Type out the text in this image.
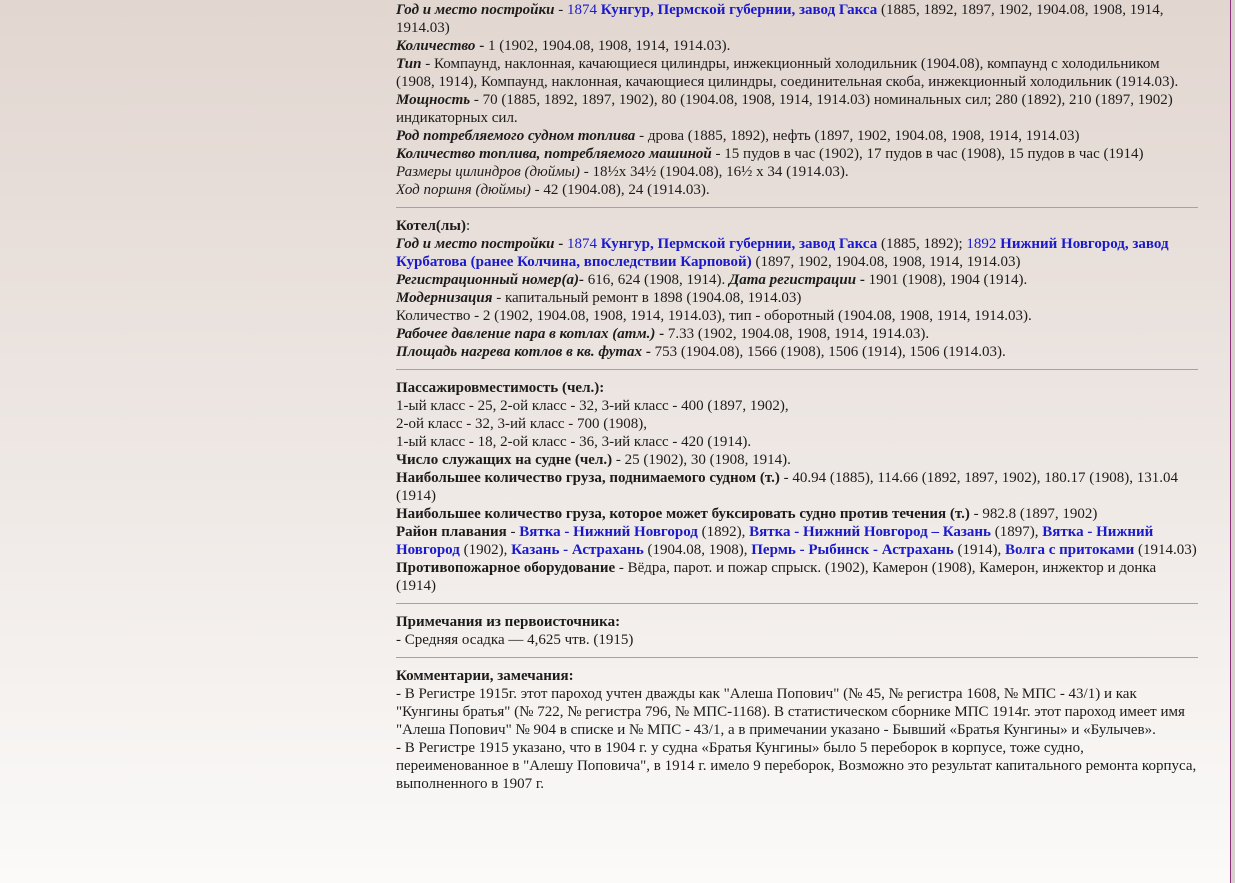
Год и место постройки - 1874 Кунгур, Пермской губернии, завод Гакса (1885, 1892, 1897, 1902, 1904.08, 1908, 1914, 1914.03)

Количество - 1 (1902, 1904.08, 1908, 1914, 1914.03).

Тип - Компаунд, наклонная, качающиеся цилиндры, инжекционный холодильник (1904.08), компаунд с холодильником (1908, 1914), Компаунд, наклонная, качающиеся цилиндры, соединительная скоба, инжекционный холодильник (1914.03).

Мощность - 70 (1885, 1892, 1897, 1902), 80 (1904.08, 1908, 1914, 1914.03) номинальных сил; 280 (1892), 210 (1897, 1902) индикаторных сил.

Род потребляемого судном топлива - дрова (1885, 1892), нефть (1897, 1902, 1904.08, 1908, 1914, 1914.03)

Количество топлива, потребляемого машиной - 15 пудов в час (1902), 17 пудов в час (1908), 15 пудов в час (1914)

Размеры цилиндров (дюймы) - 18½х 34½ (1904.08), 16½ х 34 (1914.03).

Ход поршня (дюймы) - 42 (1904.08), 24 (1914.03).

Котел(лы):

Год и место постройки - 1874 Кунгур, Пермской губернии, завод Гакса (1885, 1892); 1892 Нижний Новгород, завод Курбатова (ранее Колчина, впоследствии Карповой) (1897, 1902, 1904.08, 1908, 1914, 1914.03)

Регистрационный номер(а)- 616, 624 (1908, 1914). Дата регистрации - 1901 (1908), 1904 (1914).

Модернизация - капитальный ремонт в 1898 (1904.08, 1914.03)

Количество - 2 (1902, 1904.08, 1908, 1914, 1914.03), тип - оборотный (1904.08, 1908, 1914, 1914.03).

Рабочее давление пара в котлах (атм.) - 7.33 (1902, 1904.08, 1908, 1914, 1914.03).

Площадь нагрева котлов в кв. футах - 753 (1904.08), 1566 (1908), 1506 (1914), 1506 (1914.03).

Пассажировместимость (чел.):

1-ый класс - 25, 2-ой класс - 32, 3-ий класс - 400 (1897, 1902),

2-ой класс - 32, 3-ий класс - 700 (1908),

1-ый класс - 18, 2-ой класс - 36, 3-ий класс - 420 (1914).

Число служащих на судне (чел.) - 25 (1902), 30 (1908, 1914).

Наибольшее количество груза, поднимаемого судном (т.) - 40.94 (1885), 114.66 (1892, 1897, 1902), 180.17 (1908), 131.04 (1914)

Наибольшее количество груза, которое может буксировать судно против течения (т.) - 982.8 (1897, 1902)

Район плавания - Вятка - Нижний Новгород (1892), Вятка - Нижний Новгород – Казань (1897), Вятка - Нижний Новгород (1902), Казань - Астрахань (1904.08, 1908), Пермь - Рыбинск - Астрахань (1914), Волга с притоками (1914.03)

Противопожарное оборудование - Вёдра, парот. и пожар спрыск. (1902), Камерон (1908), Камерон, инжектор и донка (1914)

Примечания из первоисточника:

- Средняя осадка — 4,625 чтв. (1915)

Комментарии, замечания:

- В Регистре 1915г. этот пароход учтен дважды как "Алеша Попович" (№ 45, № регистра 1608, № МПС - 43/1) и как "Кунгины братья" (№ 722, № регистра 796, № МПС-1168). В статистическом сборнике МПС 1914г. этот пароход имеет имя "Алеша Попович" № 904 в списке и № МПС - 43/1, а в примечании указано - Бывший «Братья Кунгины» и «Булычев».

- В Регистре 1915 указано, что в 1904 г. у судна «Братья Кунгины» было 5 переборок в корпусе, тоже судно, переименованное в "Алешу Поповича", в 1914 г. имело 9 переборок, Возможно это результат капитального ремонта корпуса, выполненного в 1907 г.
